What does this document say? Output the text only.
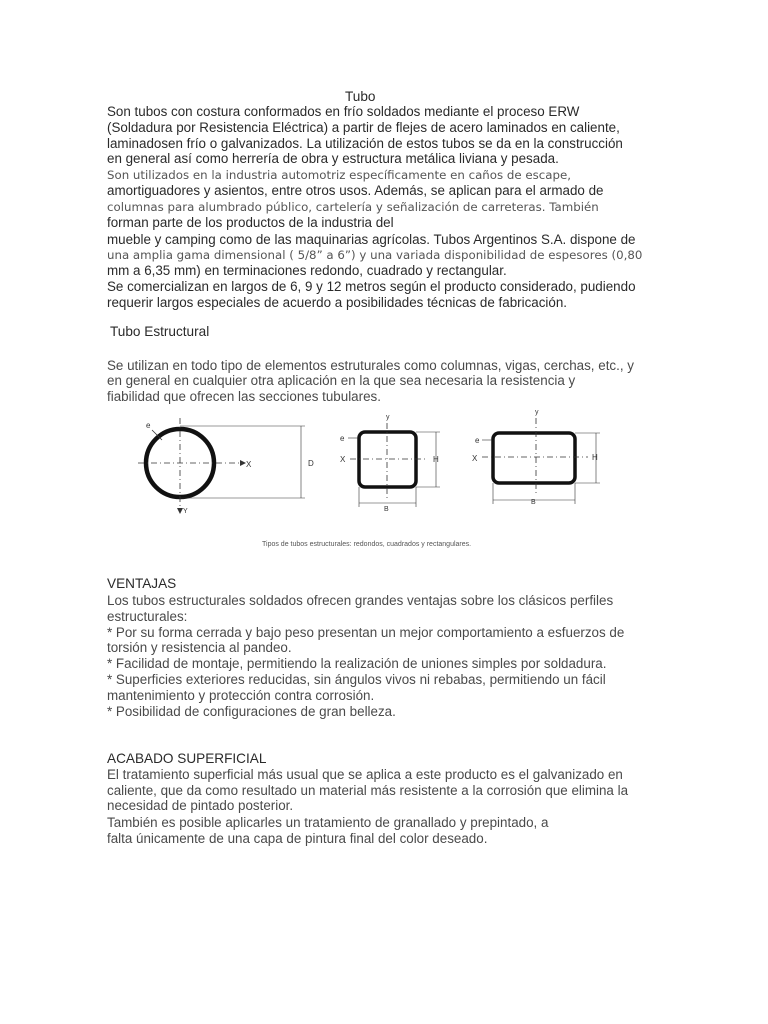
Tubo
Son tubos con costura conformados en frío soldados mediante el proceso ERW
(Soldadura por Resistencia Eléctrica) a partir de flejes de acero laminados en caliente,
laminadosen frío o galvanizados. La utilización de estos tubos se da en la construcción
en general así como herrería de obra y estructura metálica liviana y pesada.
Son utilizados en la industria automotriz específicamente en caños de escape,
amortiguadores y asientos, entre otros usos. Además, se aplican para el armado de
columnas para alumbrado público, cartelería y señalización de carreteras. También
forman parte de los productos de la industria del
mueble y camping como de las maquinarias agrícolas. Tubos Argentinos S.A. dispone de
una amplia gama dimensional ( 5/8” a 6”) y una variada disponibilidad de espesores (0,80
mm a 6,35 mm) en terminaciones redondo, cuadrado y rectangular.
Se comercializan en largos de 6, 9 y 12 metros según el producto considerado, pudiendo
requerir largos especiales de acuerdo a posibilidades técnicas de fabricación.
Tubo Estructural
Se utilizan en todo tipo de elementos estruturales como columnas, vigas, cerchas, etc., y
en general en cualquier otra aplicación en la que sea necesaria la resistencia y
fiabilidad que ofrecen las secciones tubulares.
X
Y
e
D	X
y
e
H
B
X
y
e
H
B
Tipos de tubos estructurales: redondos, cuadrados y rectangulares.
VENTAJAS
Los tubos estructurales soldados ofrecen grandes ventajas sobre los clásicos perfiles
estructurales:
* Por su forma cerrada y bajo peso presentan un mejor comportamiento a esfuerzos de
torsión y resistencia al pandeo.
* Facilidad de montaje, permitiendo la realización de uniones simples por soldadura.
* Superficies exteriores reducidas, sin ángulos vivos ni rebabas, permitiendo un fácil
mantenimiento y protección contra corrosión.
* Posibilidad de configuraciones de gran belleza.
ACABADO SUPERFICIAL
El tratamiento superficial más usual que se aplica a este producto es el galvanizado en
caliente, que da como resultado un material más resistente a la corrosión que elimina la
necesidad de pintado posterior.
También es posible aplicarles un tratamiento de granallado y prepintado, a
falta únicamente de una capa de pintura final del color deseado.
